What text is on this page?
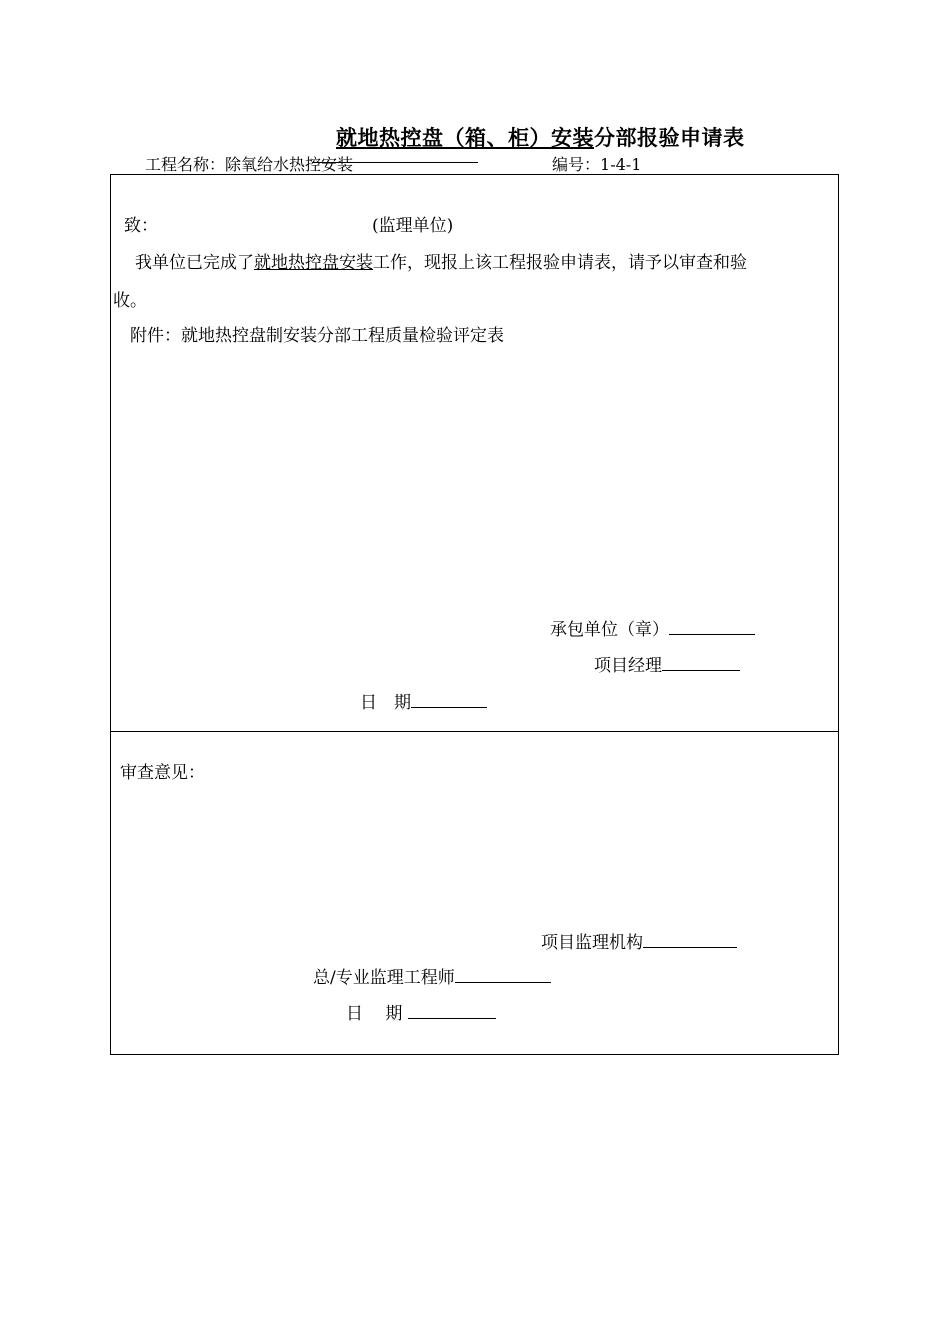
就地热控盘（箱、柜）安装分部报验申请表
工程名称：除氧给水热控安装	编号：1-4-1
致：	(监理单位)
我单位已完成了就地热控盘安装工作，现报上该工程报验申请表，请予以审查和验
收。
附件：就地热控盘制安装分部工程质量检验评定表
承包单位（章）
项目经理
日　期
审查意见：
项目监理机构
总/专业监理工程师
日　 期
